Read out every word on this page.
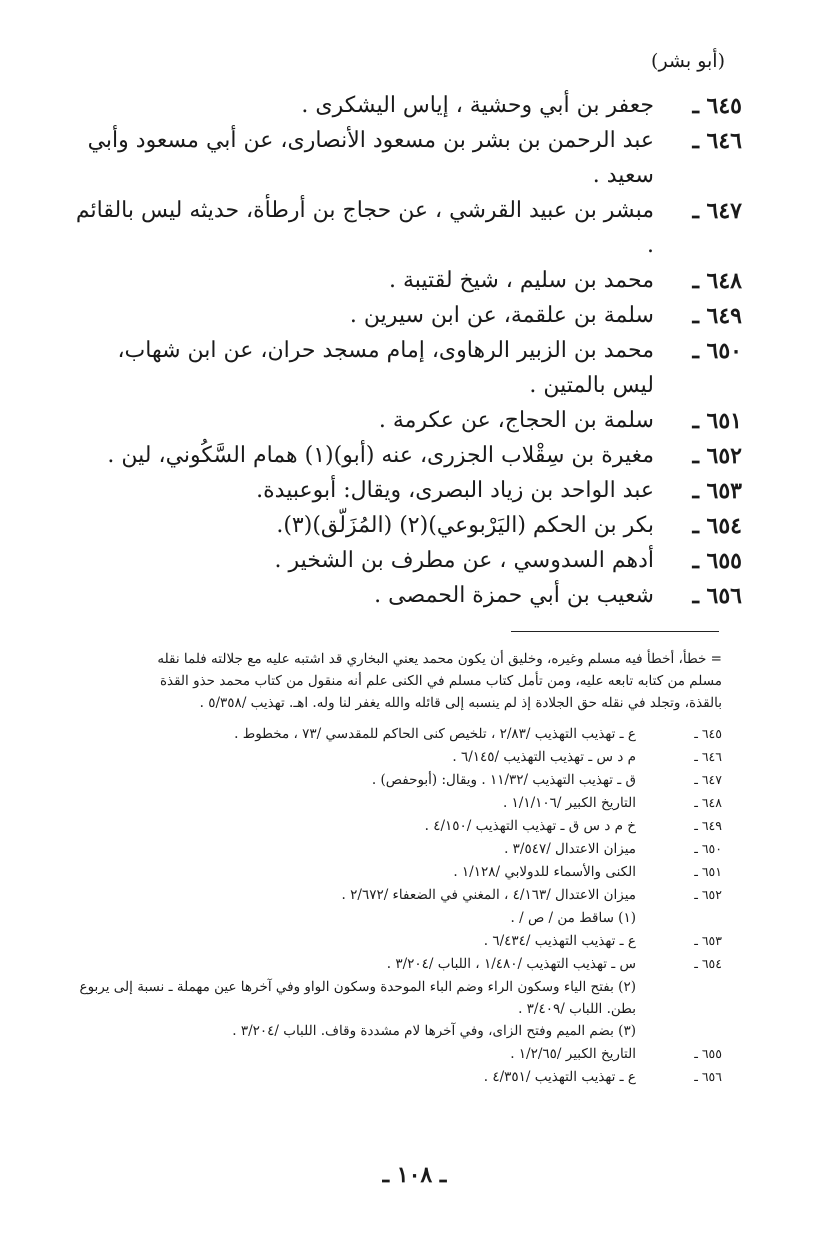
(أبو بشر)
٦٤٥ ـ
جعفر بن أبي وحشية ، إياس اليشكرى .
٦٤٦ ـ
عبد الرحمن بن بشر بن مسعود الأنصارى، عن أبي مسعود وأبي سعيد .
٦٤٧ ـ
مبشر بن عبيد القرشي ، عن حجاج بن أرطأة، حديثه ليس بالقائم .
٦٤٨ ـ
محمد بن سليم ، شيخ لقتيبة .
٦٤٩ ـ
سلمة بن علقمة، عن ابن سيرين .
٦٥٠ ـ
محمد بن الزبير الرهاوى، إمام مسجد حران، عن ابن شهاب، ليس بالمتين .
٦٥١ ـ
سلمة بن الحجاج، عن عكرمة .
٦٥٢ ـ
مغيرة بن سِقْلاب الجزرى، عنه (أبو)(١) همام السَّكُوني، لين .
٦٥٣ ـ
عبد الواحد بن زياد البصرى، ويقال: أبوعبيدة.
٦٥٤ ـ
بكر بن الحكم (اليَرْبوعي)(٢) (المُزَلّق)(٣).
٦٥٥ ـ
أدهم السدوسي ، عن مطرف بن الشخير .
٦٥٦ ـ
شعيب بن أبي حمزة الحمصى .
= خطأ، أخطأ فيه مسلم وغيره، وخليق أن يكون محمد يعني البخاري قد اشتبه عليه مع جلالته فلما نقله
مسلم من كتابه تابعه عليه، ومن تأمل كتاب مسلم في الكنى علم أنه منقول من كتاب محمد حذو القذة
بالقذة، وتجلد في نقله حق الجلادة إذ لم ينسبه إلى قائله والله يغفر لنا وله. اهـ. تهذيب /٥/٣٥٨ .
٦٤٥ ـ
ع ـ تهذيب التهذيب /٢/٨٣ ، تلخيص كنى الحاكم للمقدسي /٧٣ ، مخطوط .
٦٤٦ ـ
م د س ـ تهذيب التهذيب /٦/١٤٥ .
٦٤٧ ـ
ق ـ تهذيب التهذيب /١١/٣٢ . ويقال: (أبوحفص) .
٦٤٨ ـ
التاريخ الكبير /١/١/١٠٦ .
٦٤٩ ـ
خ م د س ق ـ تهذيب التهذيب /٤/١٥٠ .
٦٥٠ ـ
ميزان الاعتدال /٣/٥٤٧ .
٦٥١ ـ
الكنى والأسماء للدولابي /١/١٢٨ .
٦٥٢ ـ
ميزان الاعتدال /٤/١٦٣ ، المغني في الضعفاء /٢/٦٧٢ .
(١) ساقط من / ص / .
٦٥٣ ـ
ع ـ تهذيب التهذيب /٦/٤٣٤ .
٦٥٤ ـ
س ـ تهذيب التهذيب /١/٤٨٠ ، اللباب /٣/٢٠٤ .
(٢) بفتح الياء وسكون الراء وضم الباء الموحدة وسكون الواو وفي آخرها عين مهملة ـ نسبة إلى يربوع بطن. اللباب /٣/٤٠٩ .
(٣) بضم الميم وفتح الزاى، وفي آخرها لام مشددة وقاف. اللباب /٣/٢٠٤ .
٦٥٥ ـ
التاريخ الكبير /١/٢/٦٥ .
٦٥٦ ـ
ع ـ تهذيب التهذيب /٤/٣٥١ .
ـ ١٠٨ ـ
